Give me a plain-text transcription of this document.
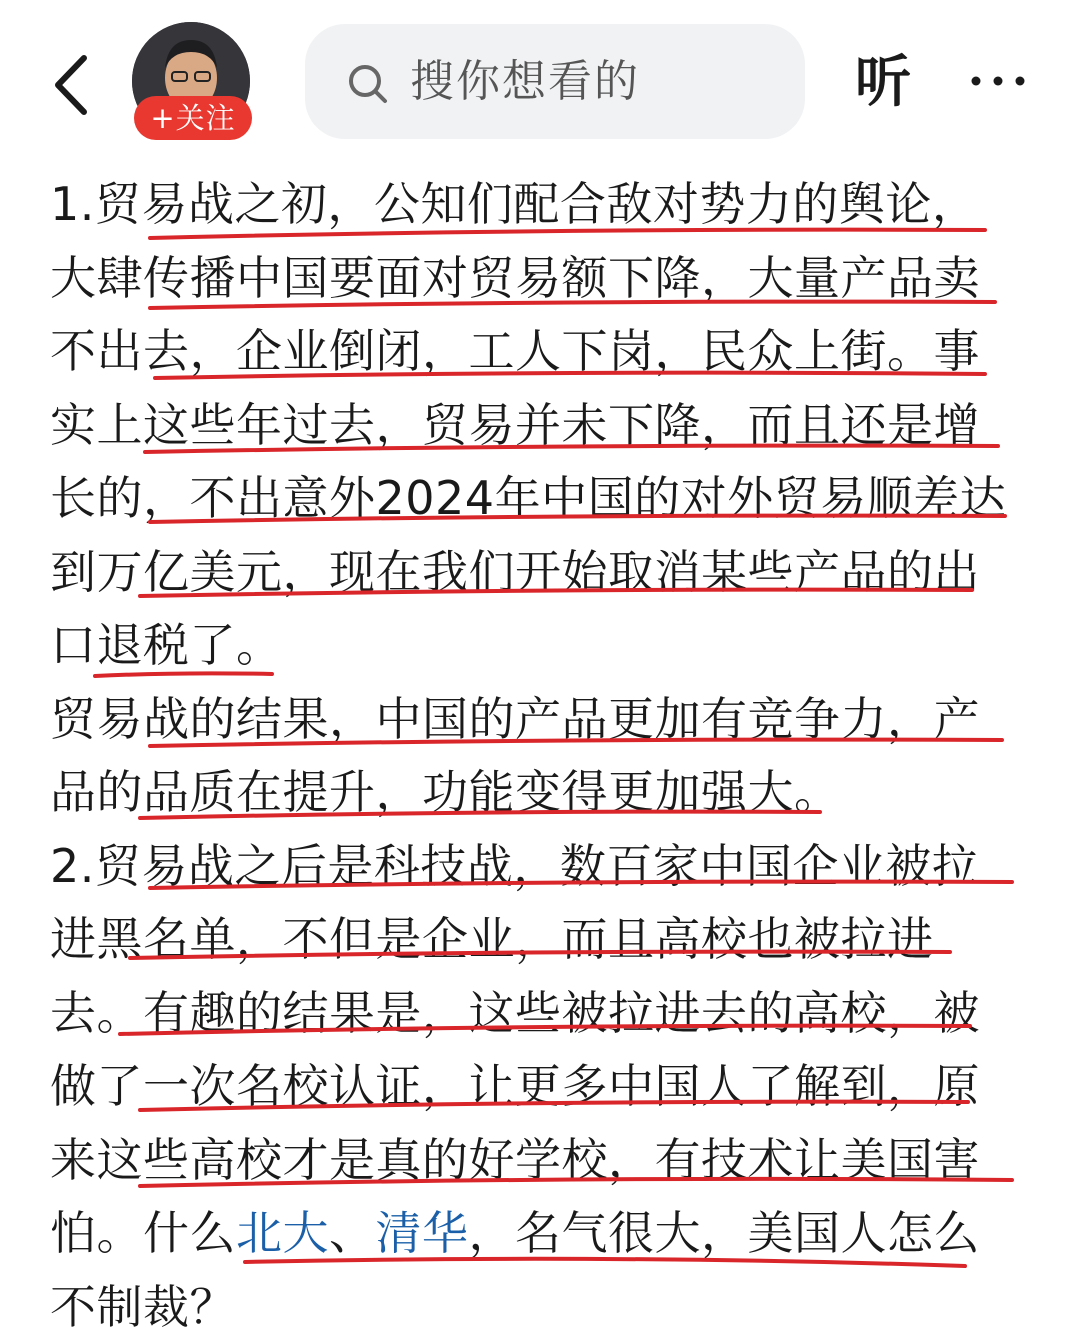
+关注
搜你想看的	听
1.贸易战之初，公知们配合敌对势力的舆论，
大肆传播中国要面对贸易额下降，大量产品卖
不出去，企业倒闭，工人下岗，民众上街。事
实上这些年过去，贸易并未下降，而且还是增
长的，不出意外2024年中国的对外贸易顺差达
到万亿美元，现在我们开始取消某些产品的出
口退税了。
贸易战的结果，中国的产品更加有竞争力，产
品的品质在提升，功能变得更加强大。
2.贸易战之后是科技战，数百家中国企业被拉
进黑名单，不但是企业，而且高校也被拉进
去。有趣的结果是，这些被拉进去的高校，被
做了一次名校认证，让更多中国人了解到，原
来这些高校才是真的好学校，有技术让美国害
怕。什么北大、清华，名气很大，美国人怎么
不制裁？
